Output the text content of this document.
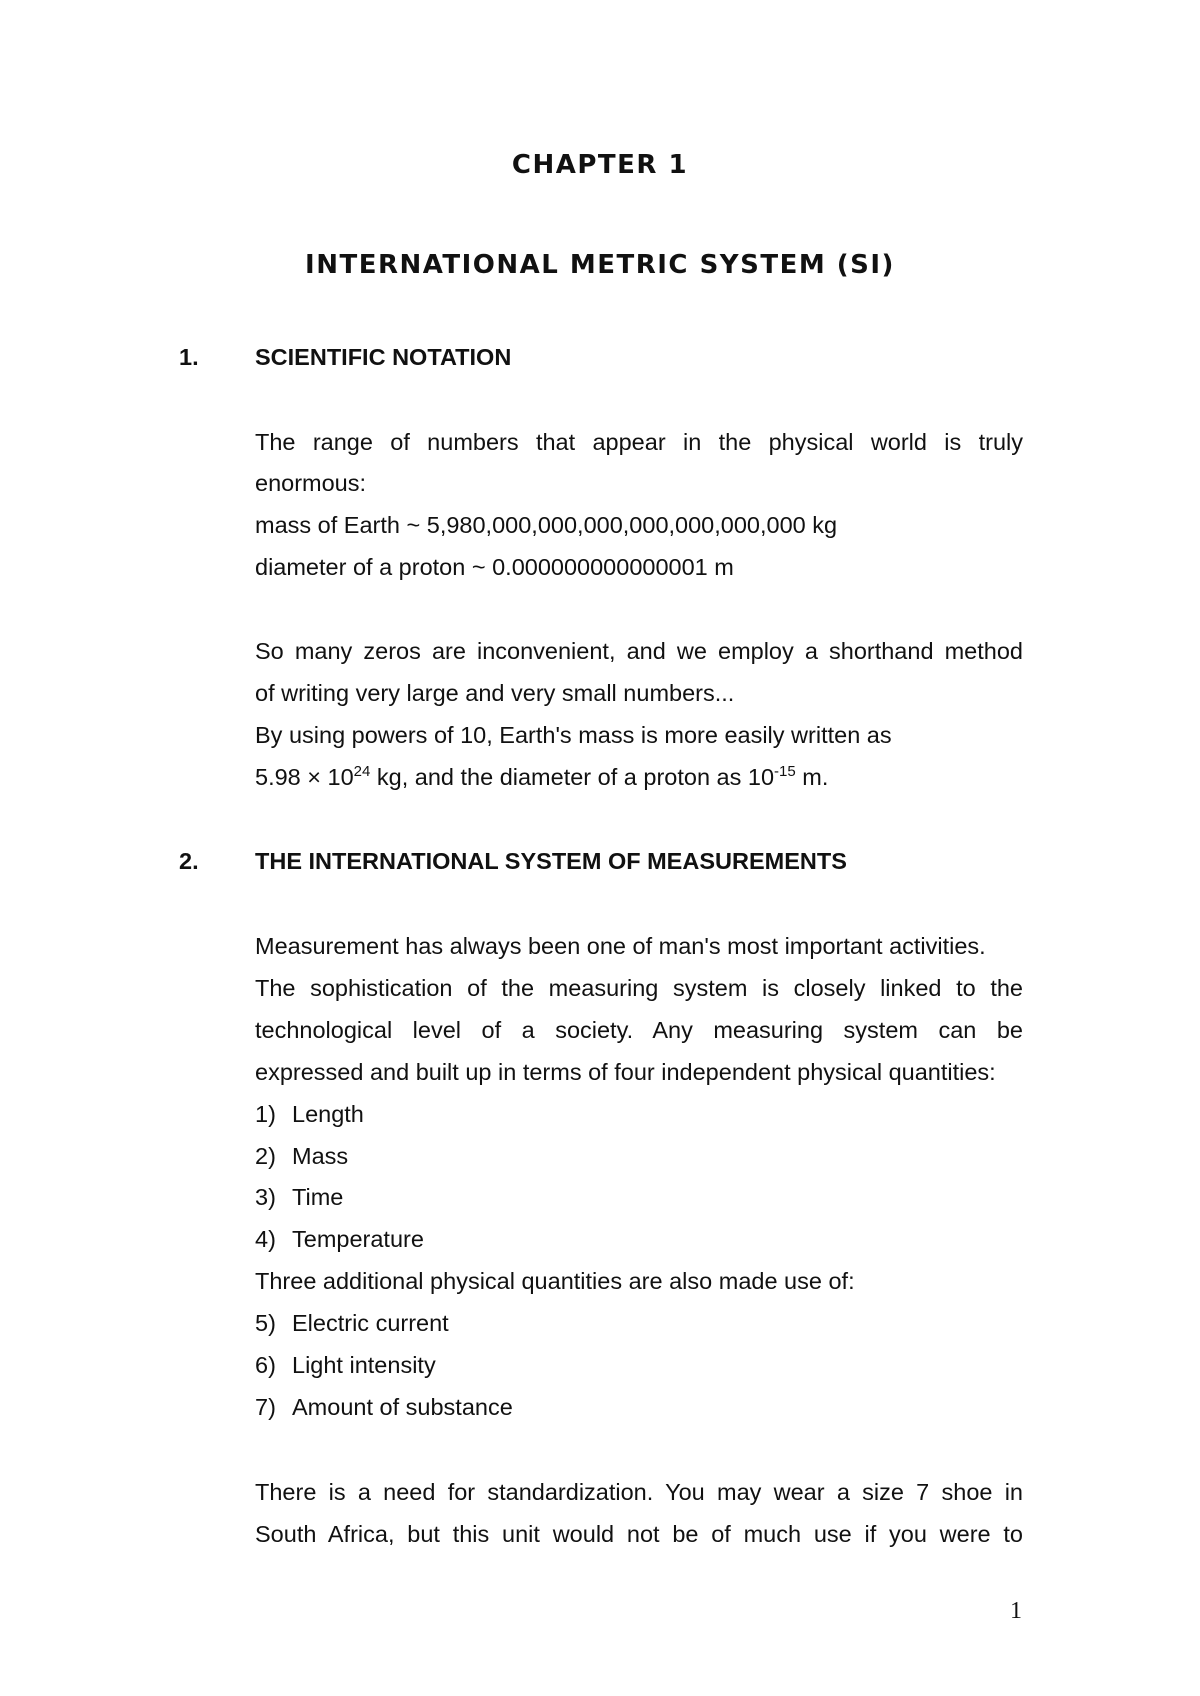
CHAPTER 1
INTERNATIONAL METRIC SYSTEM (SI)
1. SCIENTIFIC NOTATION
The range of numbers that appear in the physical world is truly
enormous:
mass of Earth ~ 5,980,000,000,000,000,000,000,000 kg
diameter of a proton ~ 0.000000000000001 m
So many zeros are inconvenient, and we employ a shorthand method
of writing very large and very small numbers...
By using powers of 10, Earth's mass is more easily written as
$5.98 \times 10^{24}$ kg, and the diameter of a proton as $10^{-15}$ m.
2. THE INTERNATIONAL SYSTEM OF MEASUREMENTS
Measurement has always been one of man's most important activities.
The sophistication of the measuring system is closely linked to the
technological level of a society. Any measuring system can be
expressed and built up in terms of four independent physical quantities:
1) Length
2) Mass
3) Time
4) Temperature
Three additional physical quantities are also made use of:
5) Electric current
6) Light intensity
7) Amount of substance
There is a need for standardization. You may wear a size 7 shoe in
South Africa, but this unit would not be of much use if you were to
1
